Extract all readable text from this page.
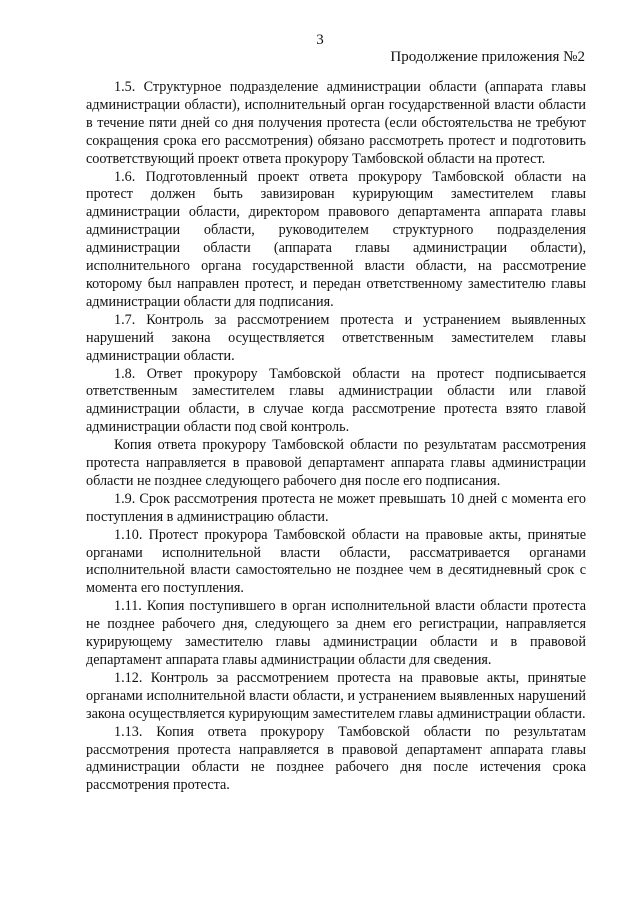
3
Продолжение приложения №2

1.5. Структурное подразделение администрации области (аппарата главы администрации области), исполнительный орган государственной власти области в течение пяти дней со дня получения протеста (если обстоятельства не требуют сокращения срока его рассмотрения) обязано рассмотреть протест и подготовить соответствующий проект ответа прокурору Тамбовской области на протест.

1.6. Подготовленный проект ответа прокурору Тамбовской области на протест должен быть завизирован курирующим заместителем главы администрации области, директором правового департамента аппарата главы администрации области, руководителем структурного подразделения администрации области (аппарата главы администрации области), исполнительного органа государственной власти области, на рассмотрение которому был направлен протест, и передан ответственному заместителю главы администрации области для подписания.

1.7. Контроль за рассмотрением протеста и устранением выявленных нарушений закона осуществляется ответственным заместителем главы администрации области.

1.8. Ответ прокурору Тамбовской области на протест подписывается ответственным заместителем главы администрации области или главой администрации области, в случае когда рассмотрение протеста взято главой администрации области под свой контроль.

Копия ответа прокурору Тамбовской области по результатам рассмотрения протеста направляется в правовой департамент аппарата главы администрации области не позднее следующего рабочего дня после его подписания.

1.9. Срок рассмотрения протеста не может превышать 10 дней с момента его поступления в администрацию области.

1.10. Протест прокурора Тамбовской области на правовые акты, принятые органами исполнительной власти области, рассматривается органами исполнительной власти самостоятельно не позднее чем в десятидневный срок с момента его поступления.

1.11. Копия поступившего в орган исполнительной власти области протеста не позднее рабочего дня, следующего за днем его регистрации, направляется курирующему заместителю главы администрации области и в правовой департамент аппарата главы администрации области для сведения.

1.12. Контроль за рассмотрением протеста на правовые акты, принятые органами исполнительной власти области, и устранением выявленных нарушений закона осуществляется курирующим заместителем главы администрации области.

1.13. Копия ответа прокурору Тамбовской области по результатам рассмотрения протеста направляется в правовой департамент аппарата главы администрации области не позднее рабочего дня после истечения срока рассмотрения протеста.
